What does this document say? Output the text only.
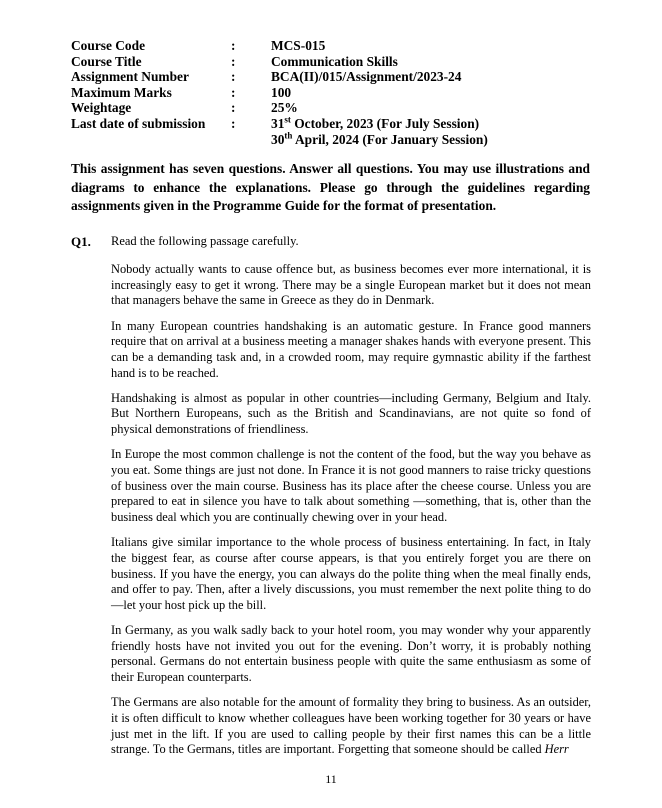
Course Code	:	MCS-015
Course Title	:	Communication Skills
Assignment Number	:	BCA(II)/015/Assignment/2023-24
Maximum Marks	:	100
Weightage	:	25%
Last date of submission	:	31st October, 2023 (For July Session)
30th April, 2024 (For January Session)
This assignment has seven questions. Answer all questions. You may use illustrations and diagrams to enhance the explanations. Please go through the guidelines regarding assignments given in the Programme Guide for the format of presentation.
Q1. Read the following passage carefully.

Nobody actually wants to cause offence but, as business becomes ever more international, it is increasingly easy to get it wrong. There may be a single European market but it does not mean that managers behave the same in Greece as they do in Denmark.

In many European countries handshaking is an automatic gesture. In France good manners require that on arrival at a business meeting a manager shakes hands with everyone present. This can be a demanding task and, in a crowded room, may require gymnastic ability if the farthest hand is to be reached.

Handshaking is almost as popular in other countries—including Germany, Belgium and Italy. But Northern Europeans, such as the British and Scandinavians, are not quite so fond of physical demonstrations of friendliness.

In Europe the most common challenge is not the content of the food, but the way you behave as you eat. Some things are just not done. In France it is not good manners to raise tricky questions of business over the main course. Business has its place after the cheese course. Unless you are prepared to eat in silence you have to talk about something —something, that is, other than the business deal which you are continually chewing over in your head.

Italians give similar importance to the whole process of business entertaining. In fact, in Italy the biggest fear, as course after course appears, is that you entirely forget you are there on business. If you have the energy, you can always do the polite thing when the meal finally ends, and offer to pay. Then, after a lively discussions, you must remember the next polite thing to do—let your host pick up the bill.

In Germany, as you walk sadly back to your hotel room, you may wonder why your apparently friendly hosts have not invited you out for the evening. Don’t worry, it is probably nothing personal. Germans do not entertain business people with quite the same enthusiasm as some of their European counterparts.

The Germans are also notable for the amount of formality they bring to business. As an outsider, it is often difficult to know whether colleagues have been working together for 30 years or have just met in the lift. If you are used to calling people by their first names this can be a little strange. To the Germans, titles are important. Forgetting that someone should be called Herr

11
